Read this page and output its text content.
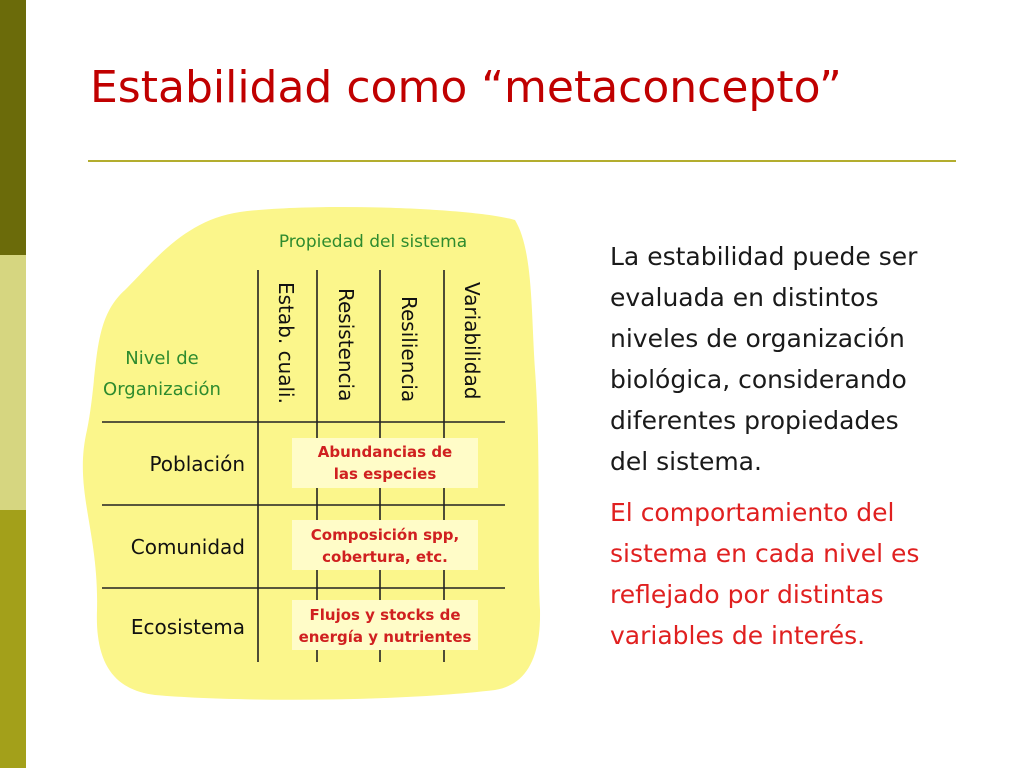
Estabilidad como “metaconcepto”
Propiedad del sistema
Nivel de
Organización	Estab. cuali. Resistencia Resiliencia Variabilidad
Población
Comunidad
Ecosistema
Abundancias de
las especies
Composición spp,
cobertura, etc.
Flujos y stocks de
energía y nutrientes
La estabilidad puede ser
evaluada en distintos
niveles de organización
biológica, considerando
diferentes propiedades
del sistema.
El comportamiento del
sistema en cada nivel es
reflejado por distintas
variables de interés.
